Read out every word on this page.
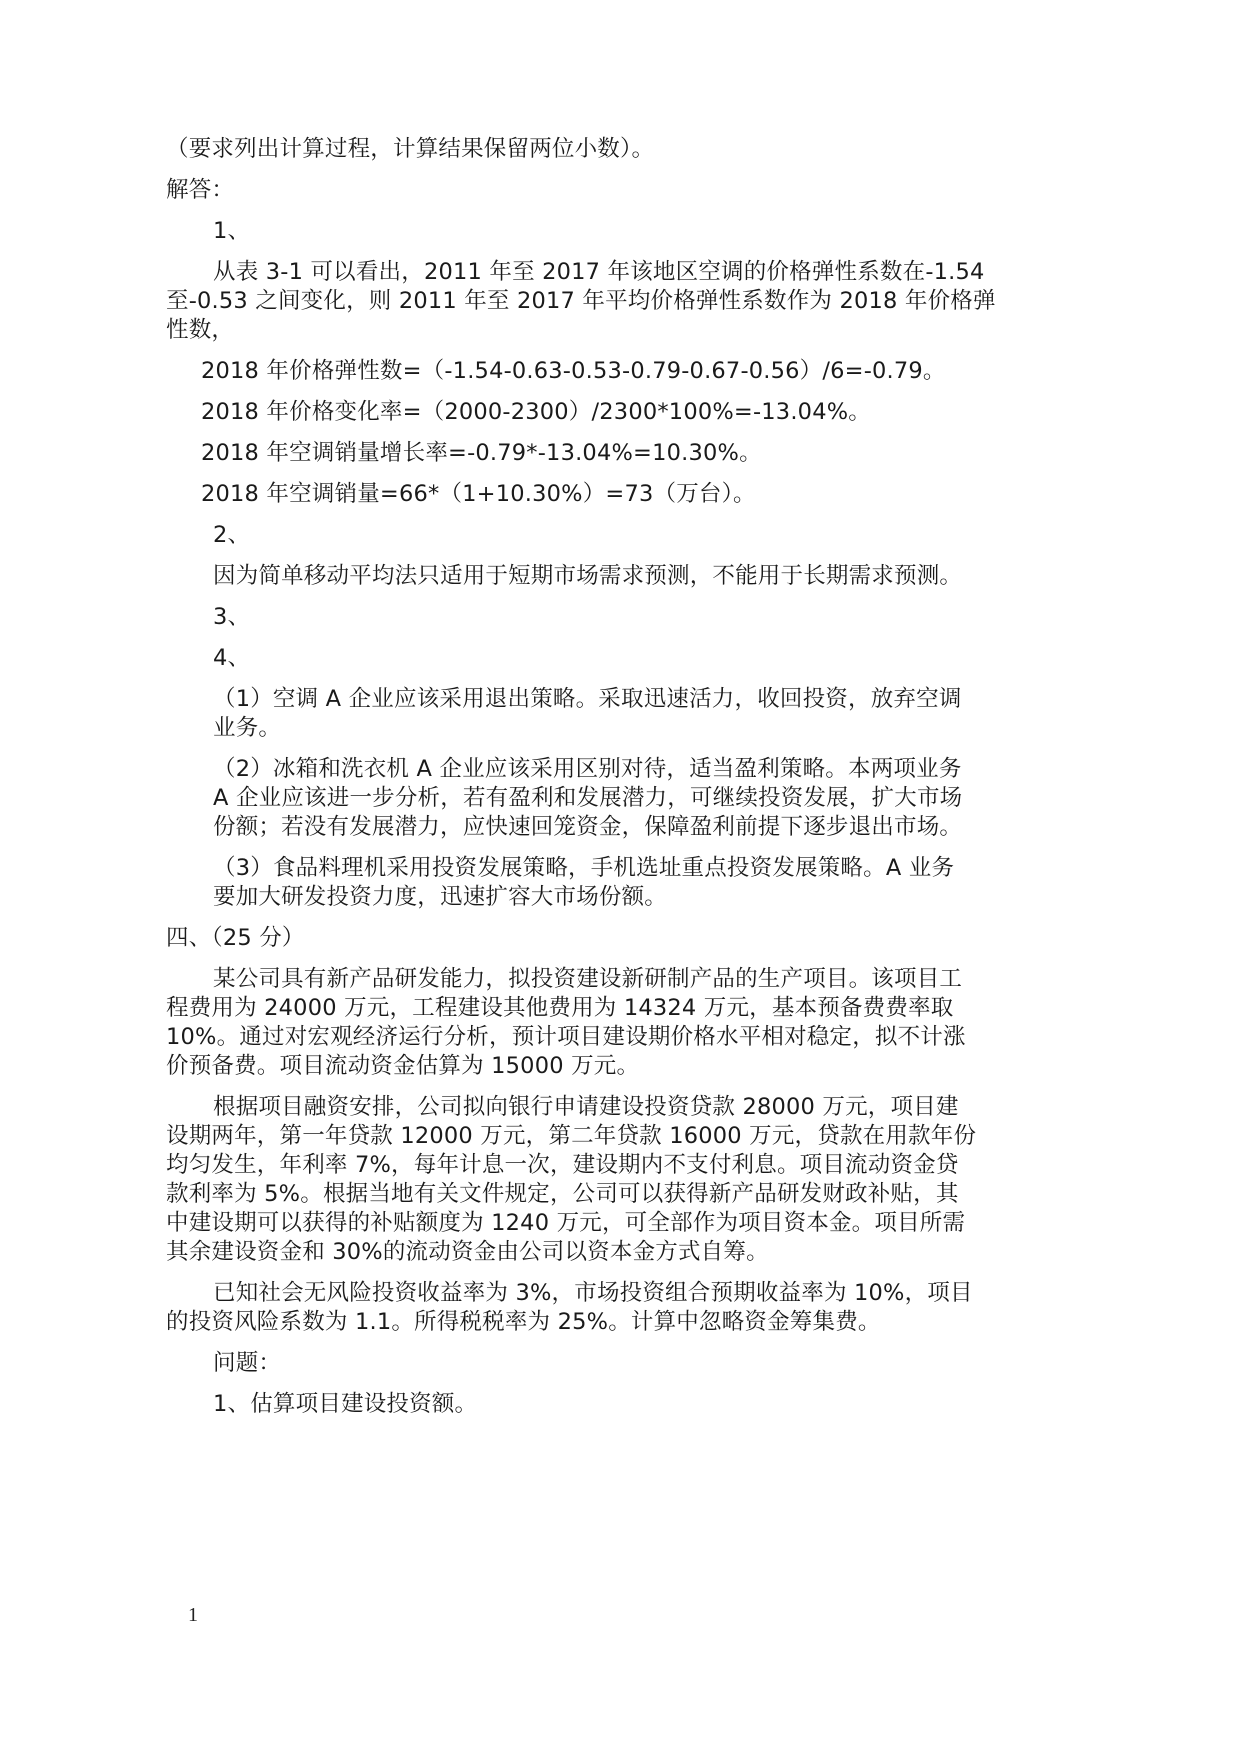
（要求列出计算过程，计算结果保留两位小数）。
解答：
1、
从表 3-1 可以看出，2011 年至 2017 年该地区空调的价格弹性系数在-1.54
至-0.53 之间变化，则 2011 年至 2017 年平均价格弹性系数作为 2018 年价格弹
性数，
2018 年价格弹性数=（-1.54-0.63-0.53-0.79-0.67-0.56）/6=-0.79。
2018 年价格变化率=（2000-2300）/2300*100%=-13.04%。
2018 年空调销量增长率=-0.79*-13.04%=10.30%。
2018 年空调销量=66*（1+10.30%）=73（万台）。
2、
因为简单移动平均法只适用于短期市场需求预测，不能用于长期需求预测。
3、
4、
（1）空调 A 企业应该采用退出策略。采取迅速活力，收回投资，放弃空调
业务。
（2）冰箱和洗衣机 A 企业应该采用区别对待，适当盈利策略。本两项业务
A 企业应该进一步分析，若有盈利和发展潜力，可继续投资发展，扩大市场
份额；若没有发展潜力，应快速回笼资金，保障盈利前提下逐步退出市场。
（3）食品料理机采用投资发展策略，手机选址重点投资发展策略。A 业务
要加大研发投资力度，迅速扩容大市场份额。
四、（25 分）
某公司具有新产品研发能力，拟投资建设新研制产品的生产项目。该项目工
程费用为 24000 万元，工程建设其他费用为 14324 万元，基本预备费费率取
10%。通过对宏观经济运行分析，预计项目建设期价格水平相对稳定，拟不计涨
价预备费。项目流动资金估算为 15000 万元。
根据项目融资安排，公司拟向银行申请建设投资贷款 28000 万元，项目建
设期两年，第一年贷款 12000 万元，第二年贷款 16000 万元，贷款在用款年份
均匀发生，年利率 7%，每年计息一次，建设期内不支付利息。项目流动资金贷
款利率为 5%。根据当地有关文件规定，公司可以获得新产品研发财政补贴，其
中建设期可以获得的补贴额度为 1240 万元，可全部作为项目资本金。项目所需
其余建设资金和 30%的流动资金由公司以资本金方式自筹。
已知社会无风险投资收益率为 3%，市场投资组合预期收益率为 10%，项目
的投资风险系数为 1.1。所得税税率为 25%。计算中忽略资金筹集费。
问题：
1、估算项目建设投资额。
1
